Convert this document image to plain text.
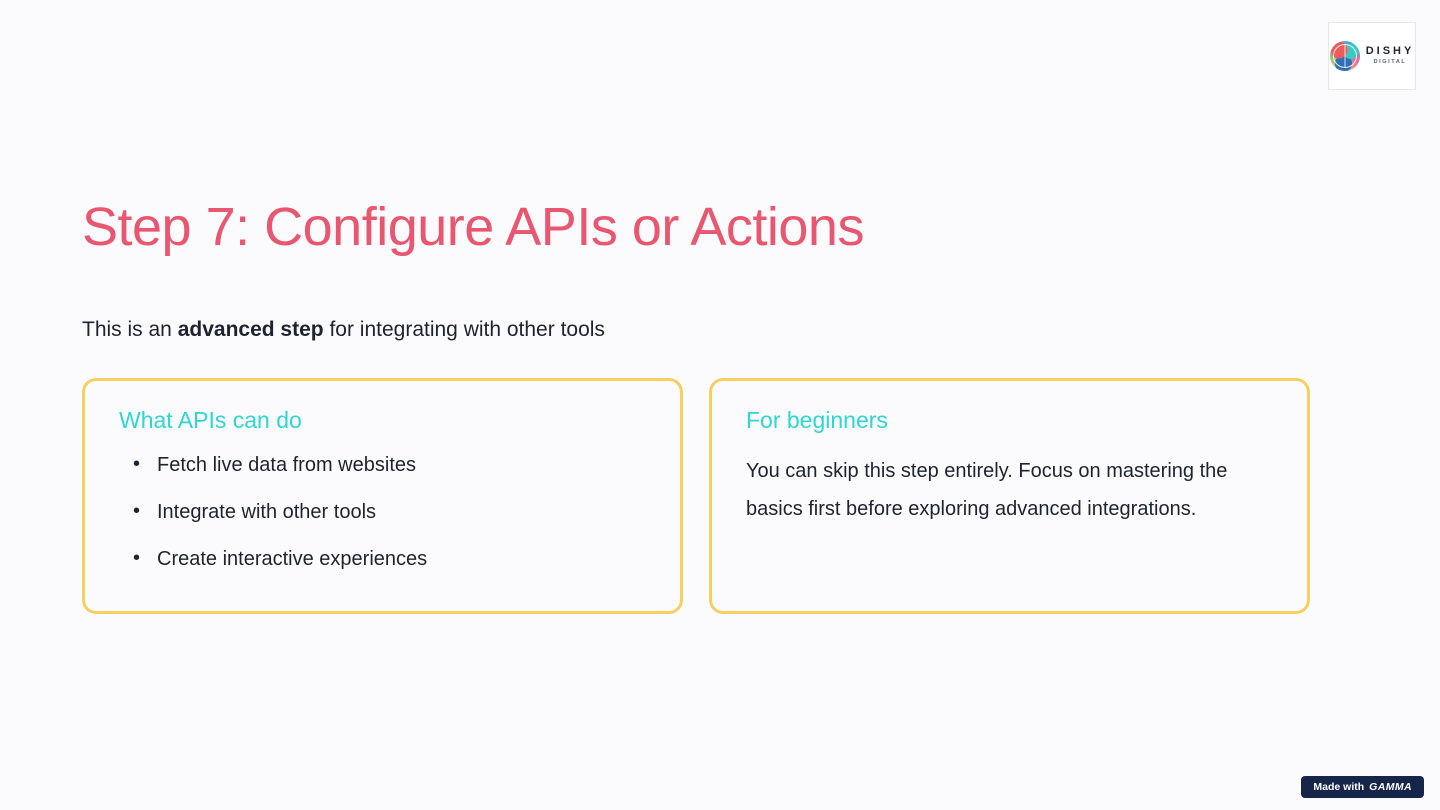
DISHY
DIGITAL
Step 7: Configure APIs or Actions

This is an advanced step for integrating with other tools

What APIs can do
• Fetch live data from websites
• Integrate with other tools
• Create interactive experiences
For beginners

You can skip this step entirely. Focus on mastering the basics first before exploring advanced integrations.

Made with GAMMA
